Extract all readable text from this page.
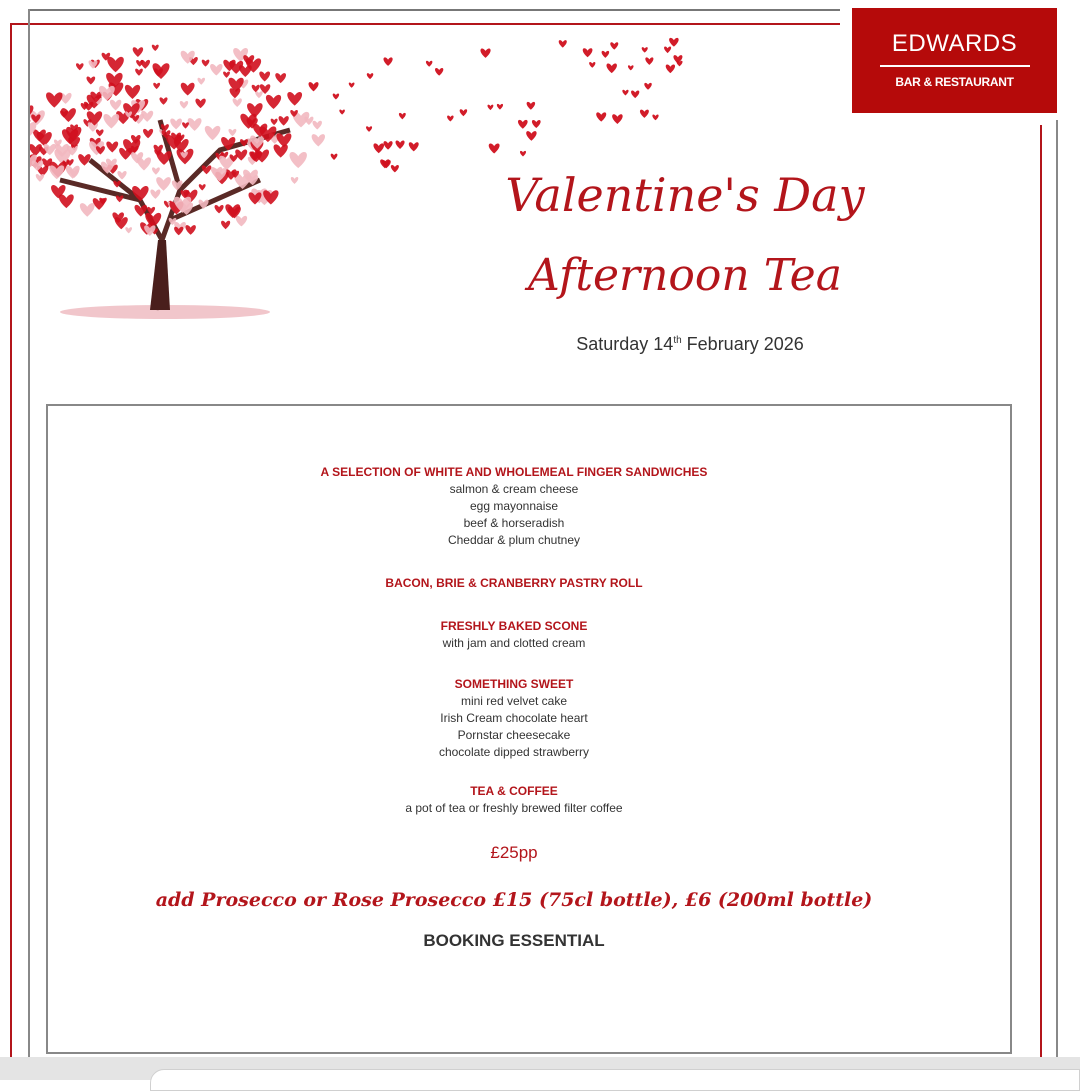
EDWARDS
BAR & RESTAURANT
Valentine's Day
Afternoon Tea
Saturday 14th February 2026
A SELECTION OF WHITE AND WHOLEMEAL FINGER SANDWICHES
salmon & cream cheese
egg mayonnaise
beef & horseradish
Cheddar & plum chutney
BACON, BRIE & CRANBERRY PASTRY ROLL
FRESHLY BAKED SCONE
with jam and clotted cream
SOMETHING SWEET
mini red velvet cake
Irish Cream chocolate heart
Pornstar cheesecake
chocolate dipped strawberry
TEA & COFFEE
a pot of tea or freshly brewed filter coffee
£25pp
add Prosecco or Rose Prosecco £15 (75cl bottle), £6 (200ml bottle)
BOOKING ESSENTIAL
